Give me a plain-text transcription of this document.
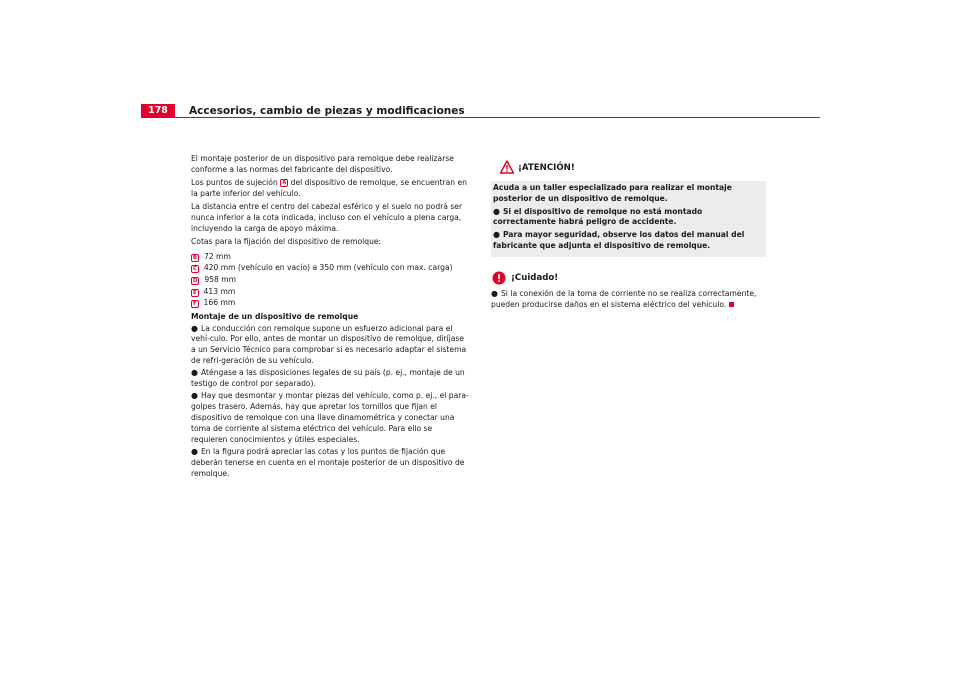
178	Accesorios, cambio de piezas y modificaciones

El montaje posterior de un dispositivo para remolque debe realizarse conforme a las normas del fabricante del dispositivo.

Los puntos de sujeción A del dispositivo de remolque, se encuentran en la parte inferior del vehículo.

La distancia entre el centro del cabezal esférico y el suelo no podrá ser nunca inferior a la cota indicada, incluso con el vehículo a plena carga, incluyendo la carga de apoyo máxima.

Cotas para la fijación del dispositivo de remolque:

B 72 mm
C 420 mm (vehículo en vacío) a 350 mm (vehículo con max. carga)
D 958 mm
E 413 mm
F 166 mm

Montaje de un dispositivo de remolque

● La conducción con remolque supone un esfuerzo adicional para el vehí-culo. Por ello, antes de montar un dispositivo de remolque, diríjase a un Servicio Técnico para comprobar si es necesario adaptar el sistema de refri-geración de su vehículo.

● Aténgase a las disposiciones legales de su país (p. ej., montaje de un testigo de control por separado).

● Hay que desmontar y montar piezas del vehículo, como p. ej., el para-golpes trasero. Además, hay que apretar los tornillos que fijan el dispositivo de remolque con una llave dinamométrica y conectar una toma de corriente al sistema eléctrico del vehículo. Para ello se requieren conocimientos y útiles especiales.

● En la figura podrá apreciar las cotas y los puntos de fijación que deberán tenerse en cuenta en el montaje posterior de un dispositivo de remolque.

¡ATENCIÓN!

Acuda a un taller especializado para realizar el montaje posterior de un dispositivo de remolque.

● Si el dispositivo de remolque no está montado correctamente habrá peligro de accidente.

● Para mayor seguridad, observe los datos del manual del fabricante que adjunta el dispositivo de remolque.

¡Cuidado!

● Si la conexión de la toma de corriente no se realiza correctamente, pueden producirse daños en el sistema eléctrico del vehículo.
